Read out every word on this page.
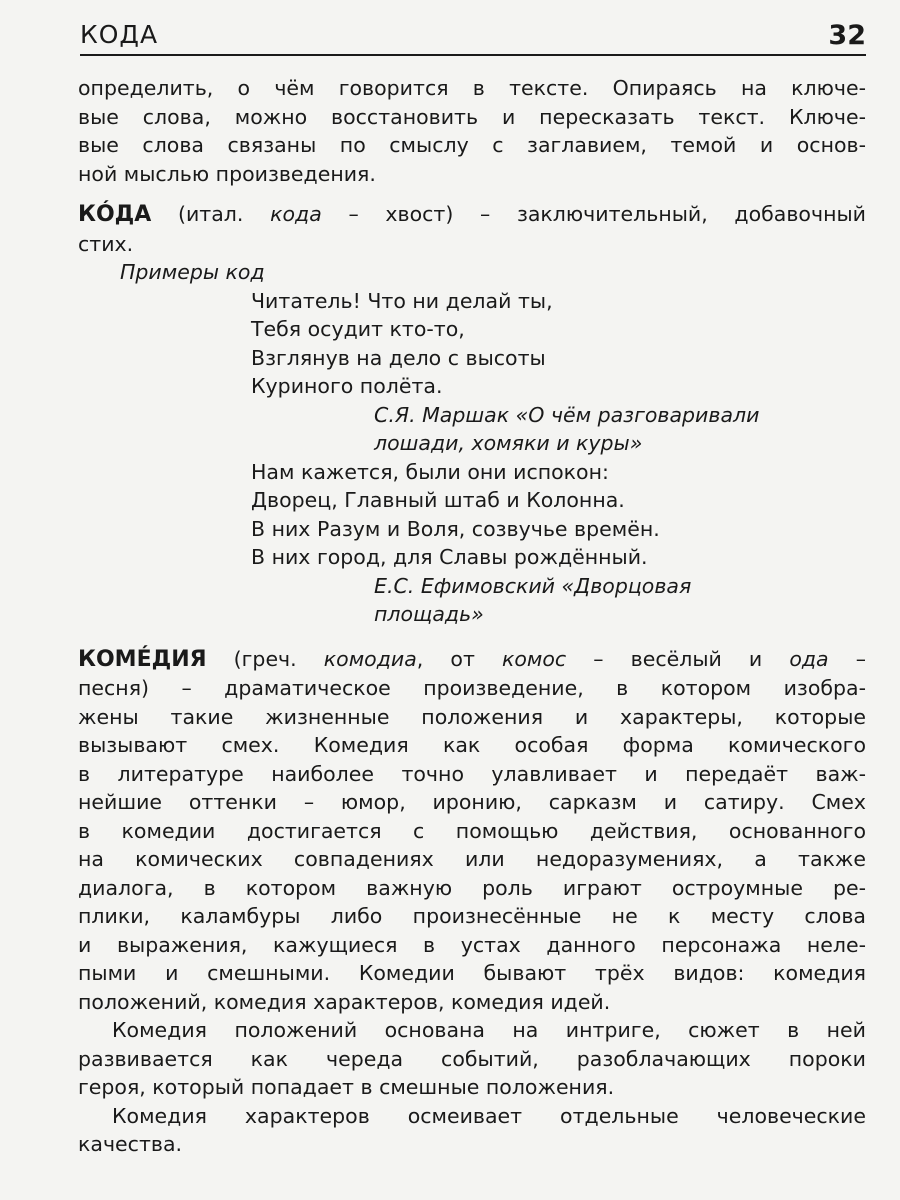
КОДА	32
определить, о чём говорится в тексте. Опираясь на ключе-
вые слова, можно восстановить и пересказать текст. Ключе-
вые слова связаны по смыслу с заглавием, темой и основ-
ной мыслью произведения.
КÓДА (итал. кода – хвост) – заключительный, добавочный
стих.
Примеры код
Читатель! Что ни делай ты,
Тебя осудит кто-то,
Взглянув на дело с высоты
Куриного полёта.
С.Я. Маршак «О чём разговаривали
лошади, хомяки и куры»
Нам кажется, были они испокон:
Дворец, Главный штаб и Колонна.
В них Разум и Воля, созвучье времён.
В них город, для Славы рождённый.
Е.С. Ефимовский «Дворцовая
площадь»
КОМÉДИЯ (греч. комодиа, от комос – весёлый и ода –
песня) – драматическое произведение, в котором изобра-
жены такие жизненные положения и характеры, которые
вызывают смех. Комедия как особая форма комического
в литературе наиболее точно улавливает и передаёт важ-
нейшие оттенки – юмор, иронию, сарказм и сатиру. Смех
в комедии достигается с помощью действия, основанного
на комических совпадениях или недоразумениях, а также
диалога, в котором важную роль играют остроумные ре-
плики, каламбуры либо произнесённые не к месту слова
и выражения, кажущиеся в устах данного персонажа неле-
пыми и смешными. Комедии бывают трёх видов: комедия
положений, комедия характеров, комедия идей.
Комедия положений основана на интриге, сюжет в ней
развивается как череда событий, разоблачающих пороки
героя, который попадает в смешные положения.
Комедия характеров осмеивает отдельные человеческие
качества.
